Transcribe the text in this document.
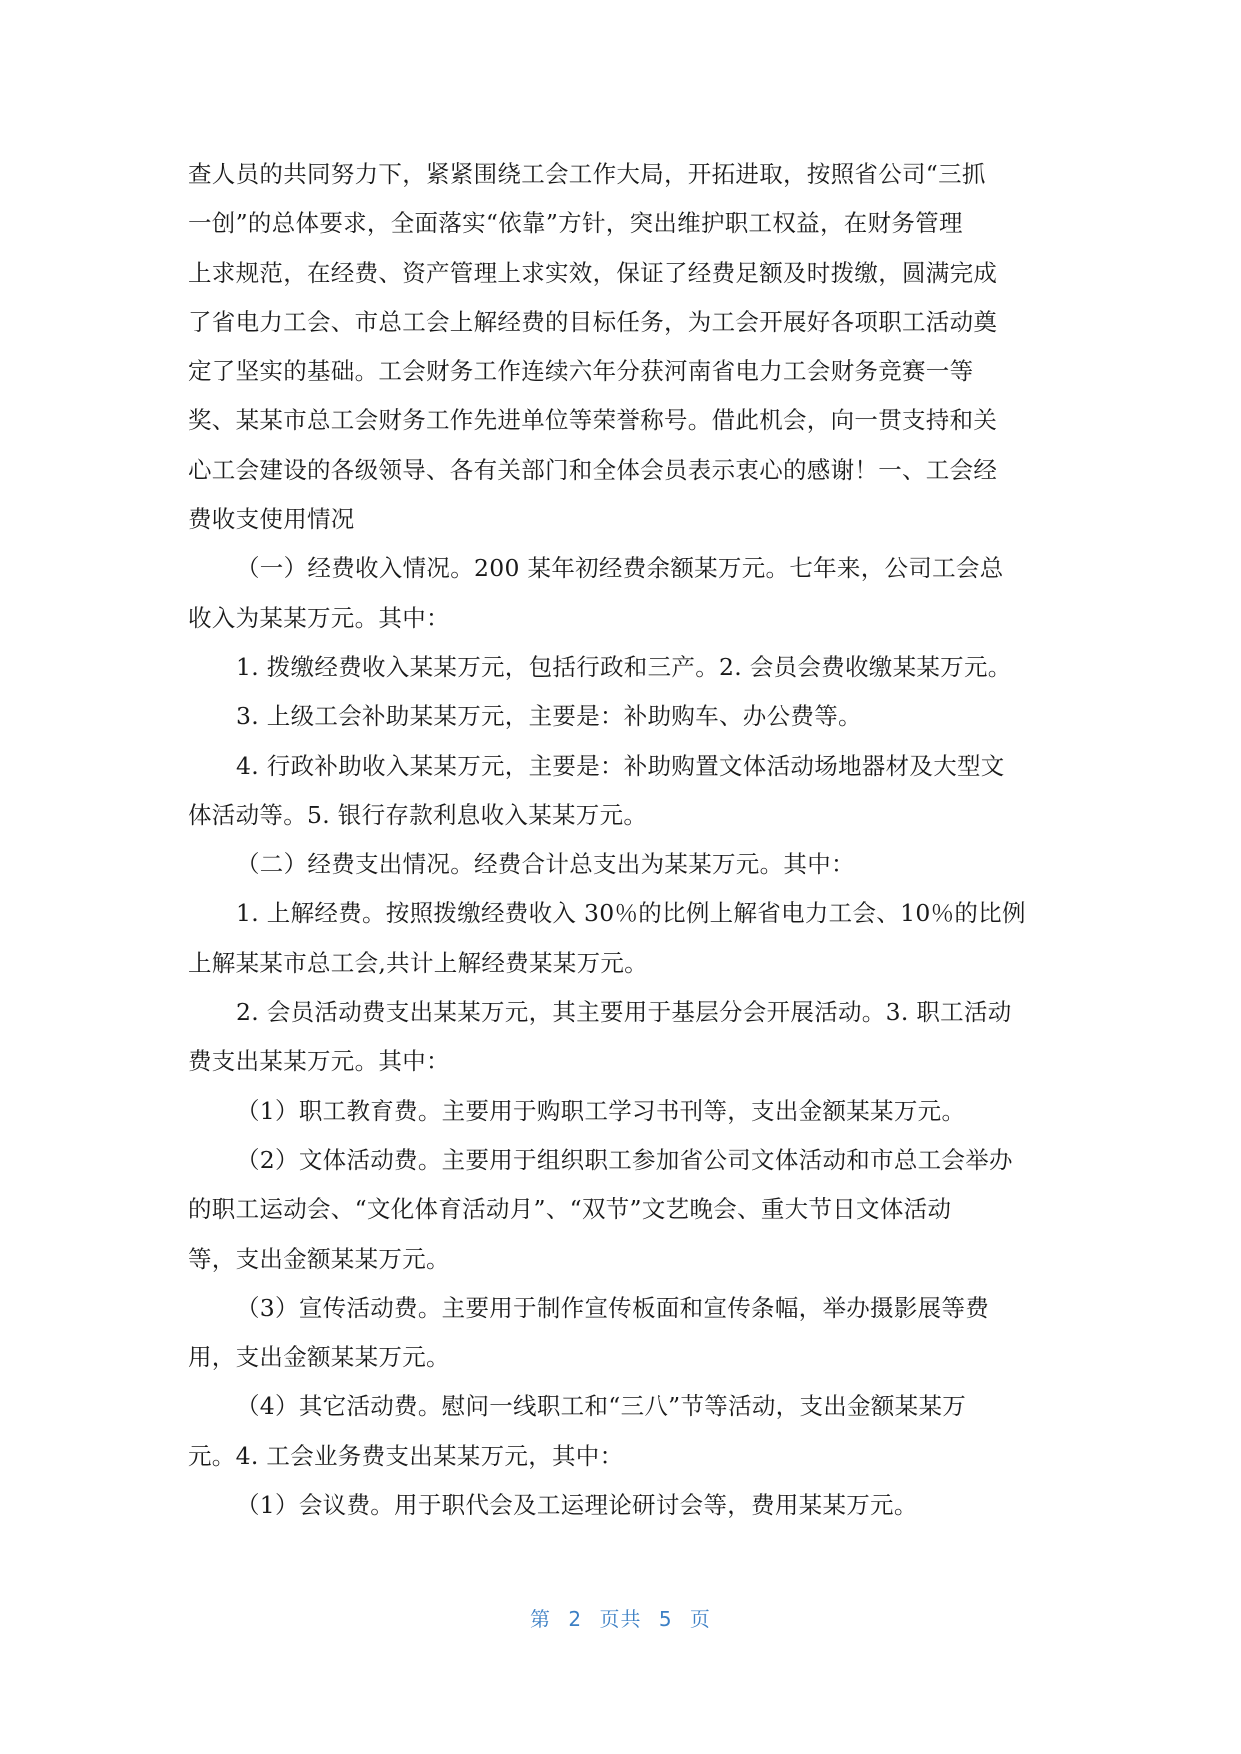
查人员的共同努力下，紧紧围绕工会工作大局，开拓进取，按照省公司“三抓

一创”的总体要求，全面落实“依靠”方针，突出维护职工权益，在财务管理

上求规范，在经费、资产管理上求实效，保证了经费足额及时拨缴，圆满完成

了省电力工会、市总工会上解经费的目标任务，为工会开展好各项职工活动奠

定了坚实的基础。工会财务工作连续六年分获河南省电力工会财务竞赛一等

奖、某某市总工会财务工作先进单位等荣誉称号。借此机会，向一贯支持和关

心工会建设的各级领导、各有关部门和全体会员表示衷心的感谢！一、工会经

费收支使用情况

（一）经费收入情况。200 某年初经费余额某万元。七年来，公司工会总

收入为某某万元。其中：

1. 拨缴经费收入某某万元，包括行政和三产。2. 会员会费收缴某某万元。

3. 上级工会补助某某万元，主要是：补助购车、办公费等。

4. 行政补助收入某某万元，主要是：补助购置文体活动场地器材及大型文

体活动等。5. 银行存款利息收入某某万元。

（二）经费支出情况。经费合计总支出为某某万元。其中：

1. 上解经费。按照拨缴经费收入 30％的比例上解省电力工会、10％的比例

上解某某市总工会,共计上解经费某某万元。

2. 会员活动费支出某某万元，其主要用于基层分会开展活动。3. 职工活动

费支出某某万元。其中：

（1）职工教育费。主要用于购职工学习书刊等，支出金额某某万元。

（2）文体活动费。主要用于组织职工参加省公司文体活动和市总工会举办

的职工运动会、“文化体育活动月”、“双节”文艺晚会、重大节日文体活动

等，支出金额某某万元。

（3）宣传活动费。主要用于制作宣传板面和宣传条幅，举办摄影展等费

用，支出金额某某万元。

（4）其它活动费。慰问一线职工和“三八”节等活动，支出金额某某万

元。4. 工会业务费支出某某万元，其中：

（1）会议费。用于职代会及工运理论研讨会等，费用某某万元。

第 2 页共 5 页
